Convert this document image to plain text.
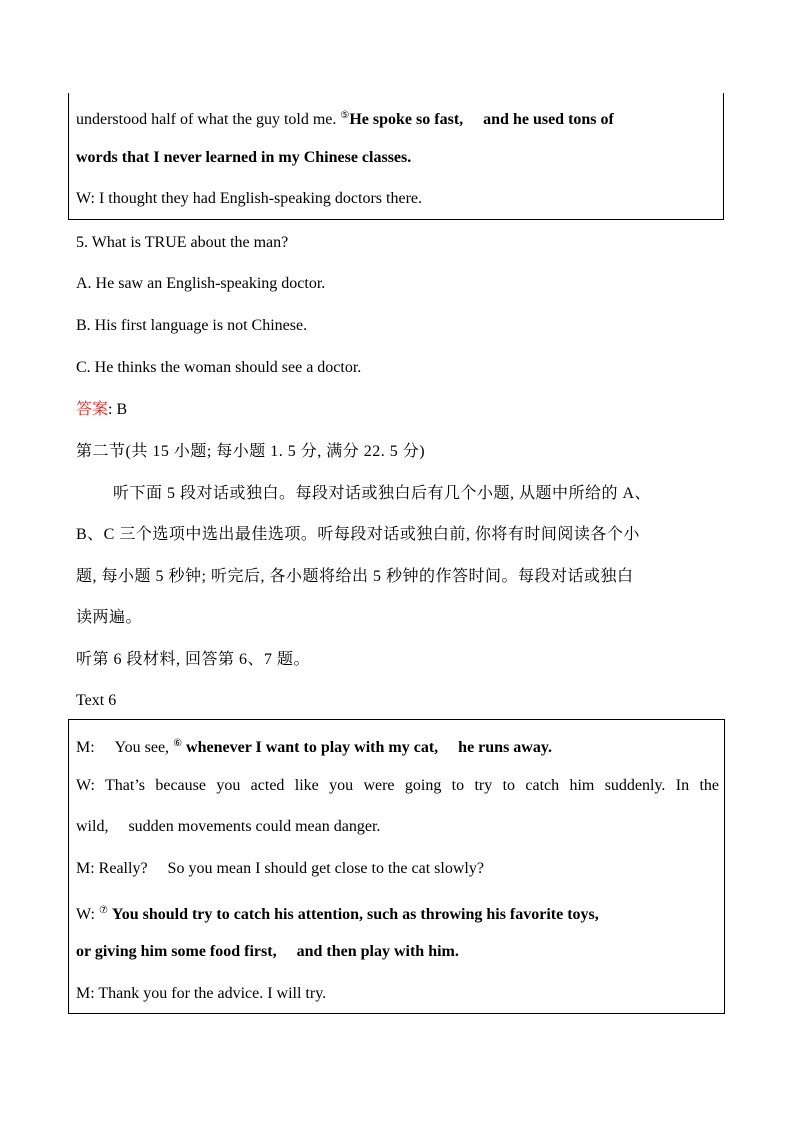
understood half of what the guy told me. ⑤He spoke so fast, and he used tons of
words that I never learned in my Chinese classes.
W: I thought they had English-speaking doctors there.
5. What is TRUE about the man?
A. He saw an English-speaking doctor.
B. His first language is not Chinese.
C. He thinks the woman should see a doctor.
答案: B
第二节(共 15 小题; 每小题 1. 5 分, 满分 22. 5 分)
听下面 5 段对话或独白。每段对话或独白后有几个小题, 从题中所给的 A、
B、C 三个选项中选出最佳选项。听每段对话或独白前, 你将有时间阅读各个小
题, 每小题 5 秒钟; 听完后, 各小题将给出 5 秒钟的作答时间。每段对话或独白
读两遍。
听第 6 段材料, 回答第 6、7 题。
Text 6
M: You see, ⑥ whenever I want to play with my cat, he runs away.
W: That’s because you acted like you were going to try to catch him suddenly. In the
wild, sudden movements could mean danger.
M: Really? So you mean I should get close to the cat slowly?
W: ⑦ You should try to catch his attention, such as throwing his favorite toys,
or giving him some food first, and then play with him.
M: Thank you for the advice. I will try.
